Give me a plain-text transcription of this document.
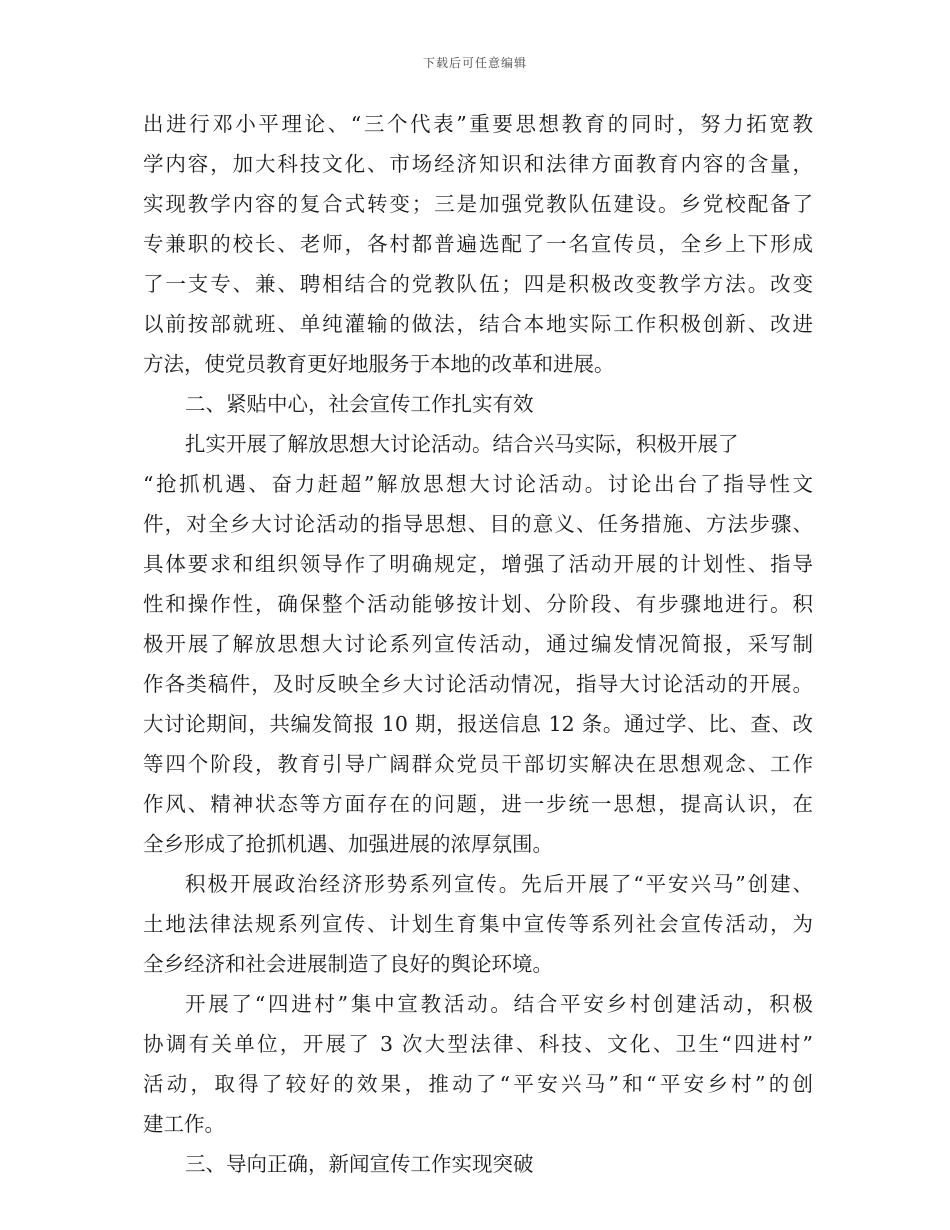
下载后可任意编辑
出进行邓小平理论、“三个代表”重要思想教育的同时，努力拓宽教
学内容，加大科技文化、市场经济知识和法律方面教育内容的含量，
实现教学内容的复合式转变；三是加强党教队伍建设。乡党校配备了
专兼职的校长、老师，各村都普遍选配了一名宣传员，全乡上下形成
了一支专、兼、聘相结合的党教队伍；四是积极改变教学方法。改变
以前按部就班、单纯灌输的做法，结合本地实际工作积极创新、改进
方法，使党员教育更好地服务于本地的改革和进展。
二、紧贴中心，社会宣传工作扎实有效
扎实开展了解放思想大讨论活动。结合兴马实际，积极开展了
“抢抓机遇、奋力赶超”解放思想大讨论活动。讨论出台了指导性文
件，对全乡大讨论活动的指导思想、目的意义、任务措施、方法步骤、
具体要求和组织领导作了明确规定，增强了活动开展的计划性、指导
性和操作性，确保整个活动能够按计划、分阶段、有步骤地进行。积
极开展了解放思想大讨论系列宣传活动，通过编发情况简报，采写制
作各类稿件，及时反映全乡大讨论活动情况，指导大讨论活动的开展。
大讨论期间，共编发简报 10 期，报送信息 12 条。通过学、比、查、改
等四个阶段，教育引导广阔群众党员干部切实解决在思想观念、工作
作风、精神状态等方面存在的问题，进一步统一思想，提高认识，在
全乡形成了抢抓机遇、加强进展的浓厚氛围。
积极开展政治经济形势系列宣传。先后开展了“平安兴马”创建、
土地法律法规系列宣传、计划生育集中宣传等系列社会宣传活动，为
全乡经济和社会进展制造了良好的舆论环境。
开展了“四进村”集中宣教活动。结合平安乡村创建活动，积极
协调有关单位，开展了 3 次大型法律、科技、文化、卫生“四进村”
活动，取得了较好的效果，推动了“平安兴马”和“平安乡村”的创
建工作。
三、导向正确，新闻宣传工作实现突破
